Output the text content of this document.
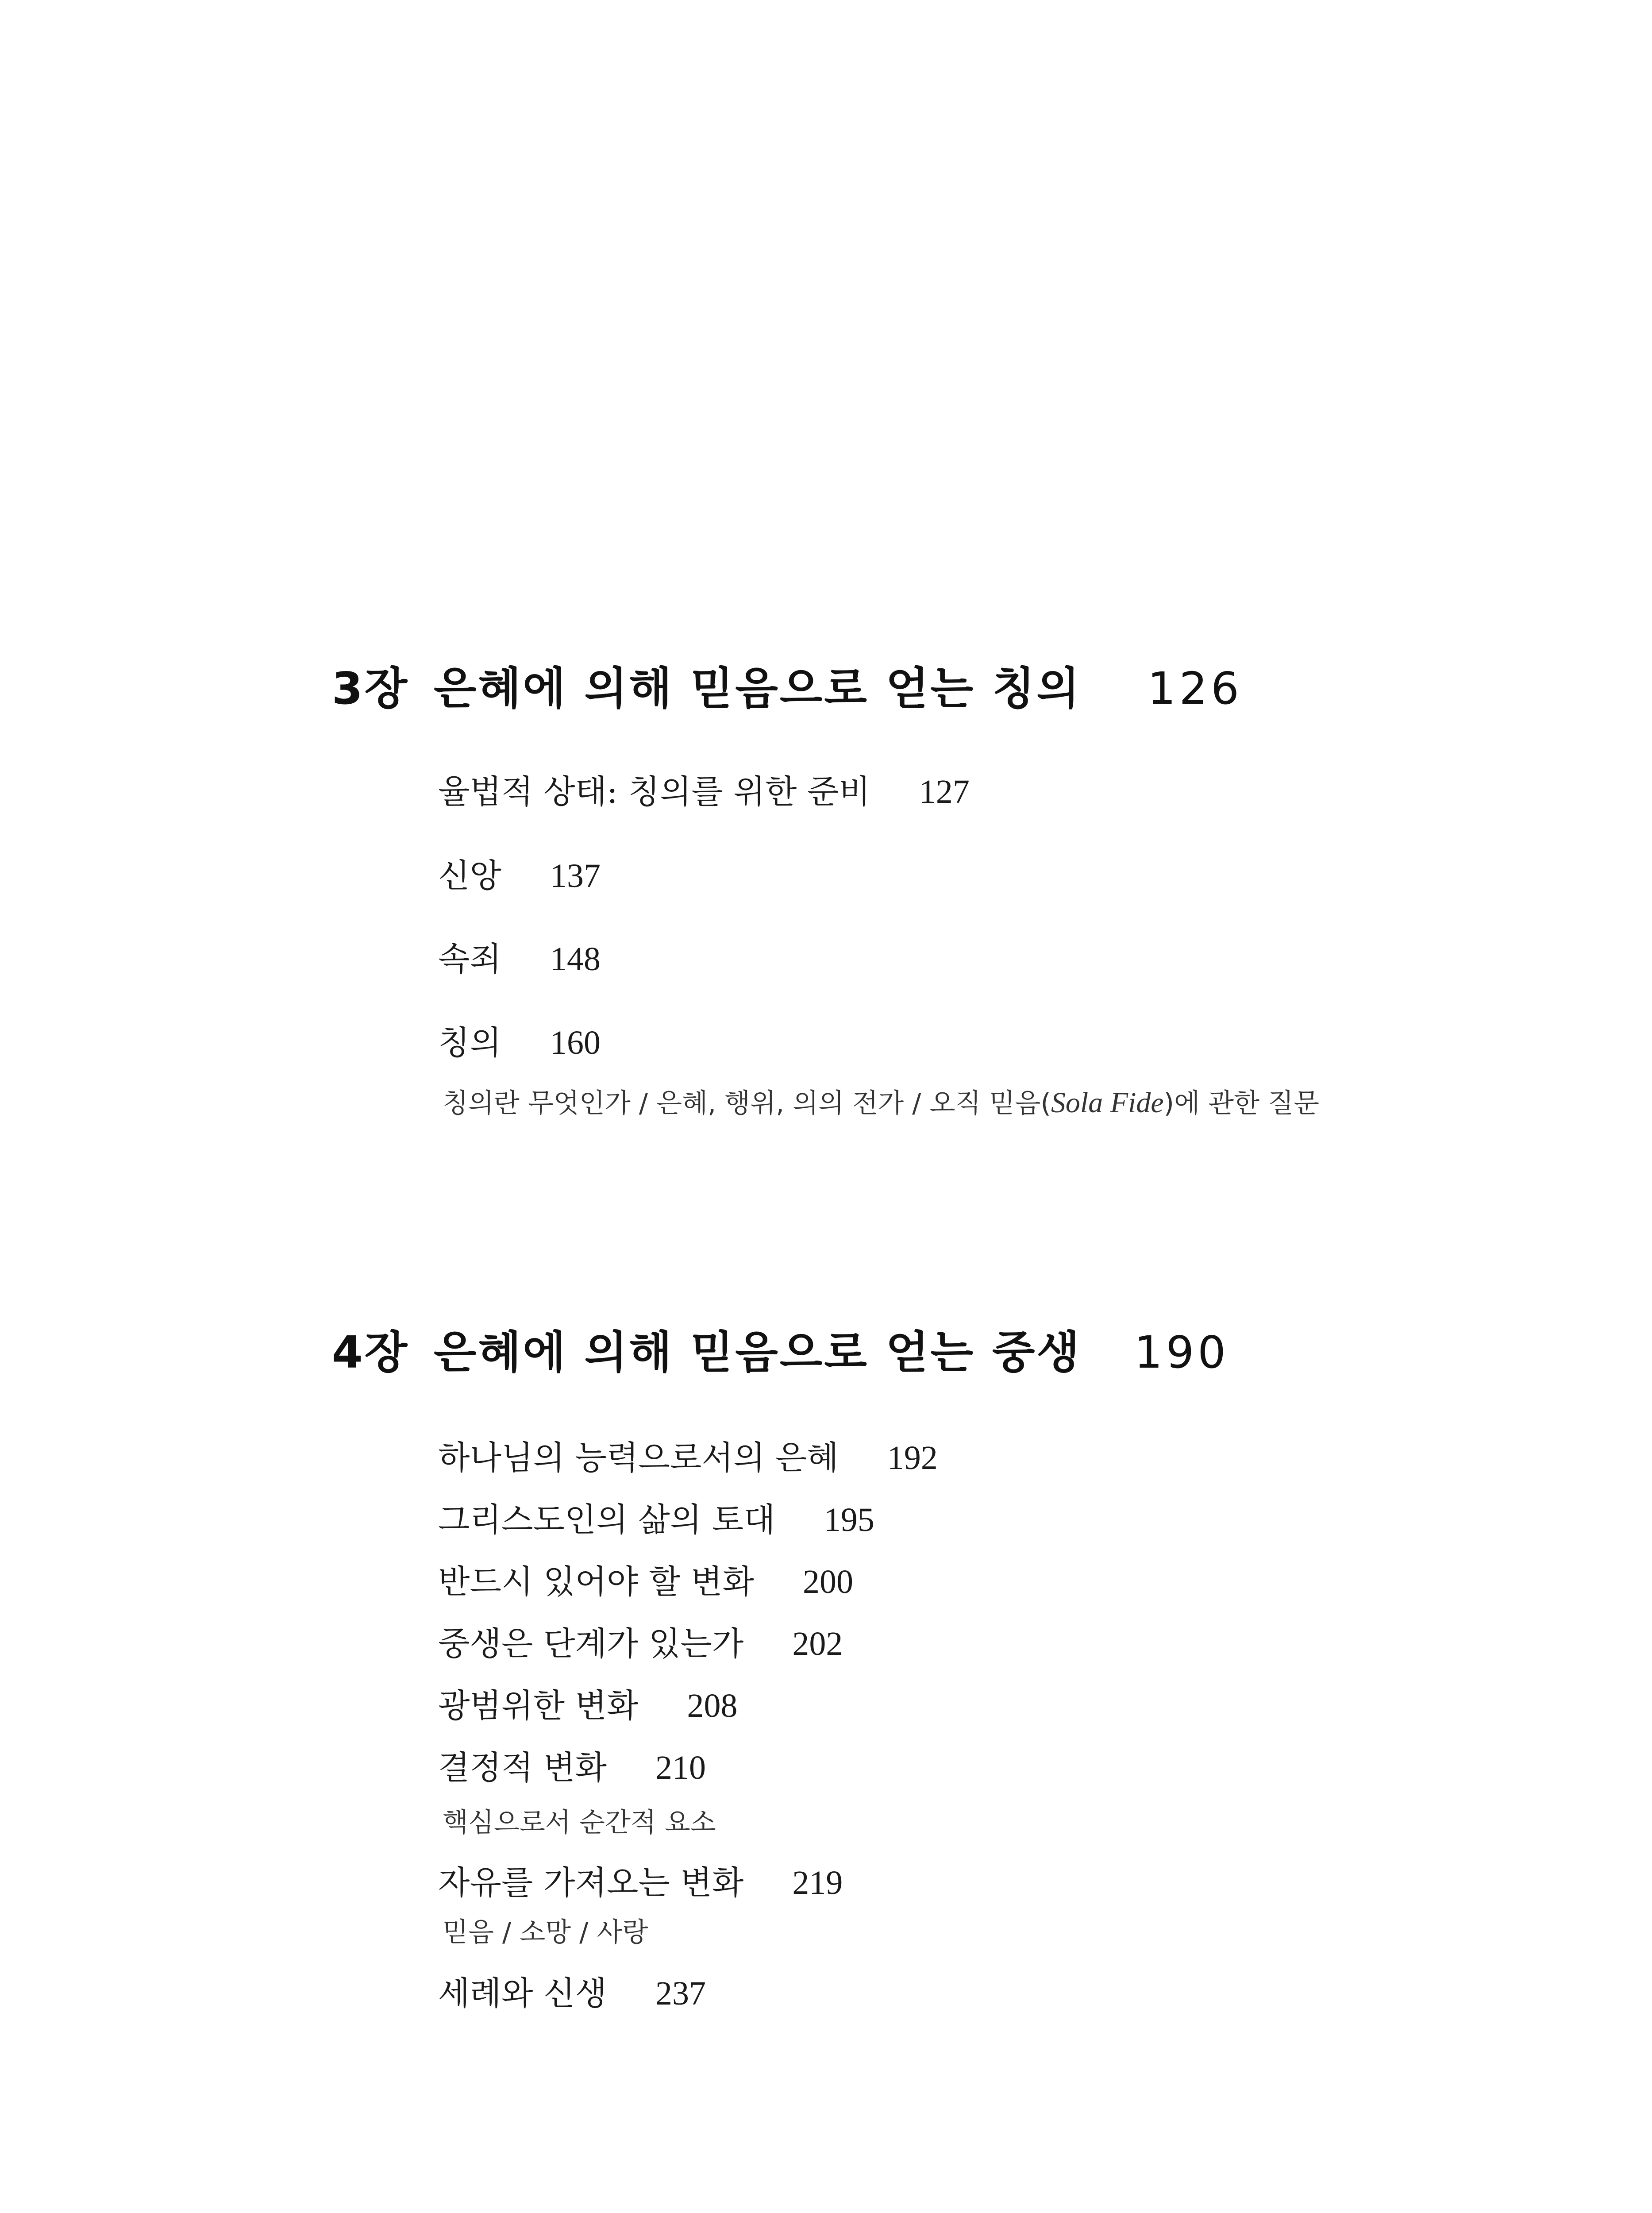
3장 은혜에 의해 믿음으로 얻는 칭의 126
율법적 상태: 칭의를 위한 준비 127
신앙 137
속죄 148
칭의 160
칭의란 무엇인가 / 은혜, 행위, 의의 전가 / 오직 믿음(Sola Fide)에 관한 질문
4장 은혜에 의해 믿음으로 얻는 중생 190
하나님의 능력으로서의 은혜 192
그리스도인의 삶의 토대 195
반드시 있어야 할 변화 200
중생은 단계가 있는가 202
광범위한 변화 208
결정적 변화 210
핵심으로서 순간적 요소
자유를 가져오는 변화 219
믿음 / 소망 / 사랑
세례와 신생 237
